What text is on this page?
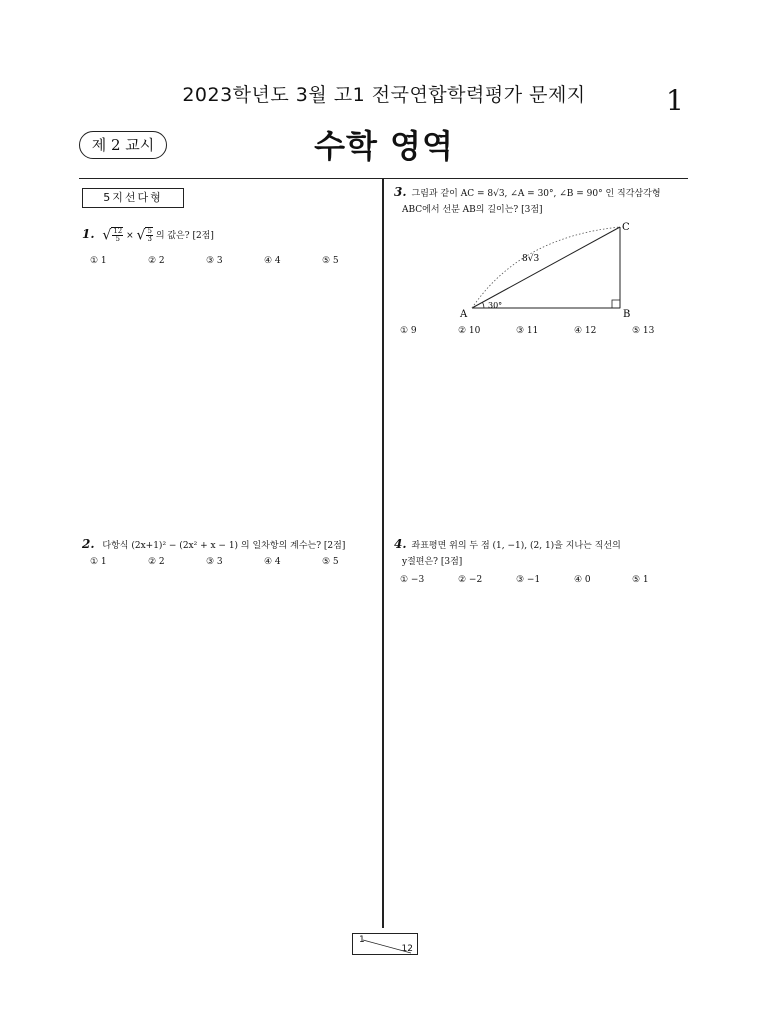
2023학년도 3월 고1 전국연합학력평가 문제지	1
제 2 교시	수학 영역
5지선다형
1. √ $\frac{12}{5}$ × √ $\frac{5}{3}$ 의 값은? [2점]
① 1	② 2	③ 3	④ 4	⑤ 5
2. 다항식 (2x+1)² − (2x² + x − 1) 의 일차항의 계수는? [2점]
① 1	② 2	③ 3	④ 4	⑤ 5
3. 그림과 같이 AC = 8√3, ∠A = 30°, ∠B = 90° 인 직각삼각형
ABC에서 선분 AB의 길이는? [3점]
A	B
C
30°
8√3
① 9	② 10	③ 11	④ 12	⑤ 13
4. 좌표평면 위의 두 점 (1, −1), (2, 1)을 지나는 직선의
y절편은? [3점]
① −3	② −2	③ −1	④ 0	⑤ 1
1
12
